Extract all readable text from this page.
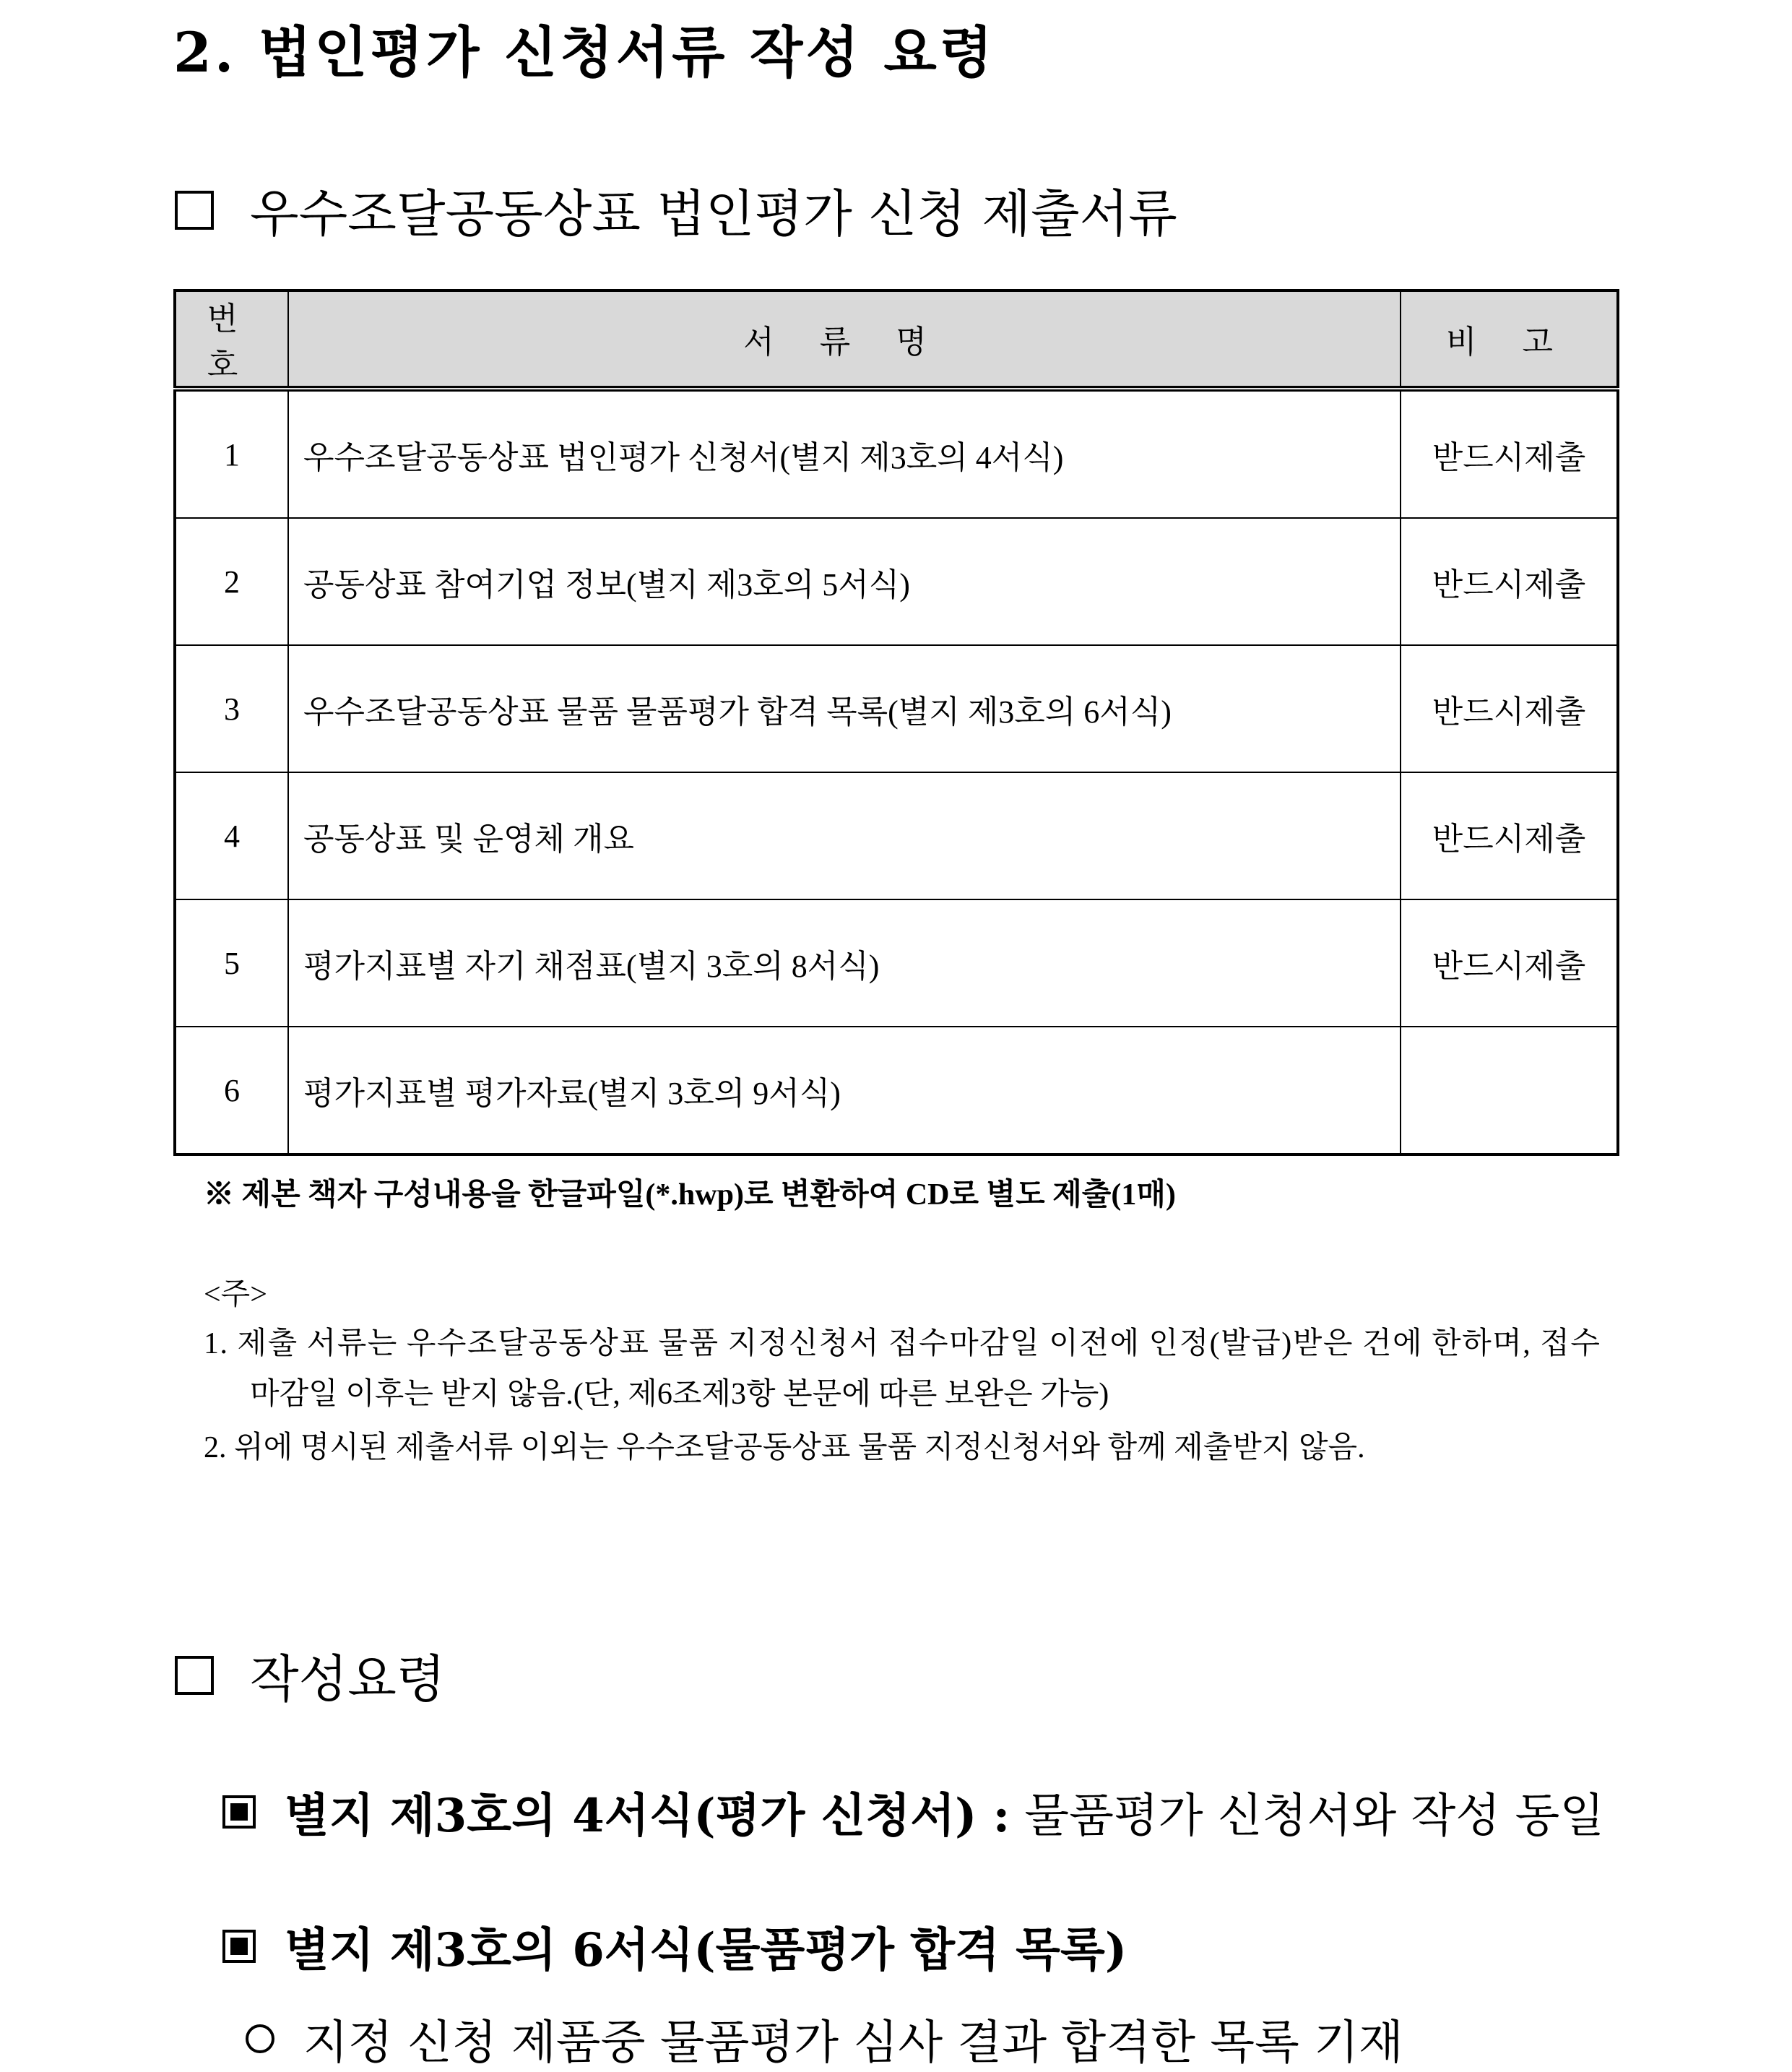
2. 법인평가 신청서류 작성 요령
우수조달공동상표 법인평가 신청 제출서류
번 호	서 류 명	비 고
1	우수조달공동상표 법인평가 신청서(별지 제3호의 4서식)	받드시제출
2	공동상표 참여기업 정보(별지 제3호의 5서식)	반드시제출
3	우수조달공동상표 물품 물품평가 합격 목록(별지 제3호의 6서식)	반드시제출
4	공동상표 및 운영체 개요	반드시제출
5	평가지표별 자기 채점표(별지 3호의 8서식)	반드시제출
6	평가지표별 평가자료(별지 3호의 9서식)	
※ 제본 책자 구성내용을 한글파일(*.hwp)로 변환하여 CD로 별도 제출(1매)
<주>
1. 제출 서류는 우수조달공동상표 물품 지정신청서 접수마감일 이전에 인정(발급)받은 건에 한하며, 접수
마감일 이후는 받지 않음.(단, 제6조제3항 본문에 따른 보완은 가능)
2. 위에 명시된 제출서류 이외는 우수조달공동상표 물품 지정신청서와 함께 제출받지 않음.
작성요령
별지 제3호의 4서식(평가 신청서) : 물품평가 신청서와 작성 동일
별지 제3호의 6서식(물품평가 합격 목록)
지정 신청 제품중 물품평가 심사 결과 합격한 목록 기재
